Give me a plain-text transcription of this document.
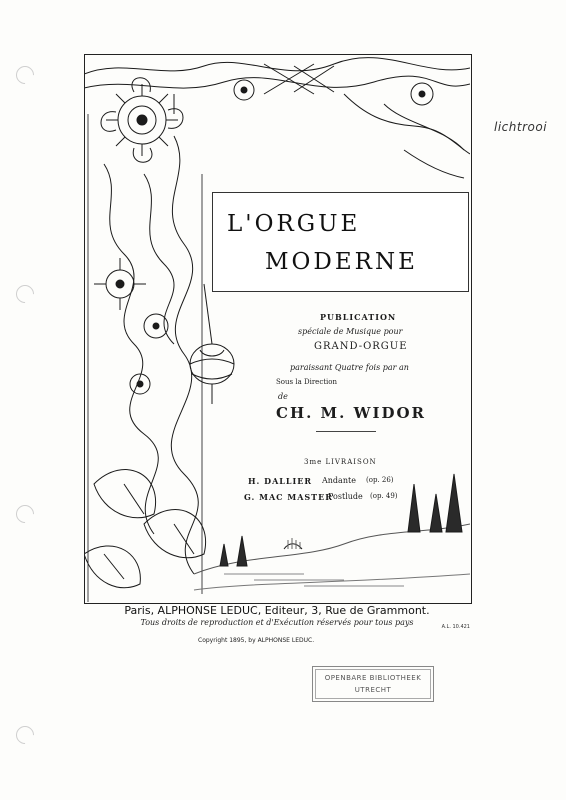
lichtrooi
L'ORGUE
MODERNE
PUBLICATION
spéciale de Musique pour
GRAND-ORGUE
paraissant Quatre fois par an
Sous la Direction
de
CH. M. WIDOR
3me LIVRAISON
H. DALLIER Andante (op. 26)
G. MAC MASTER
Postlude (op. 49)
Paris, ALPHONSE LEDUC, Editeur, 3, Rue de Grammont.
Tous droits de reproduction et d'Exécution réservés pour tous pays	A.L. 10.421
Copyright 1895, by ALPHONSE LEDUC.
OPENBARE BIBLIOTHEEK
UTRECHT
